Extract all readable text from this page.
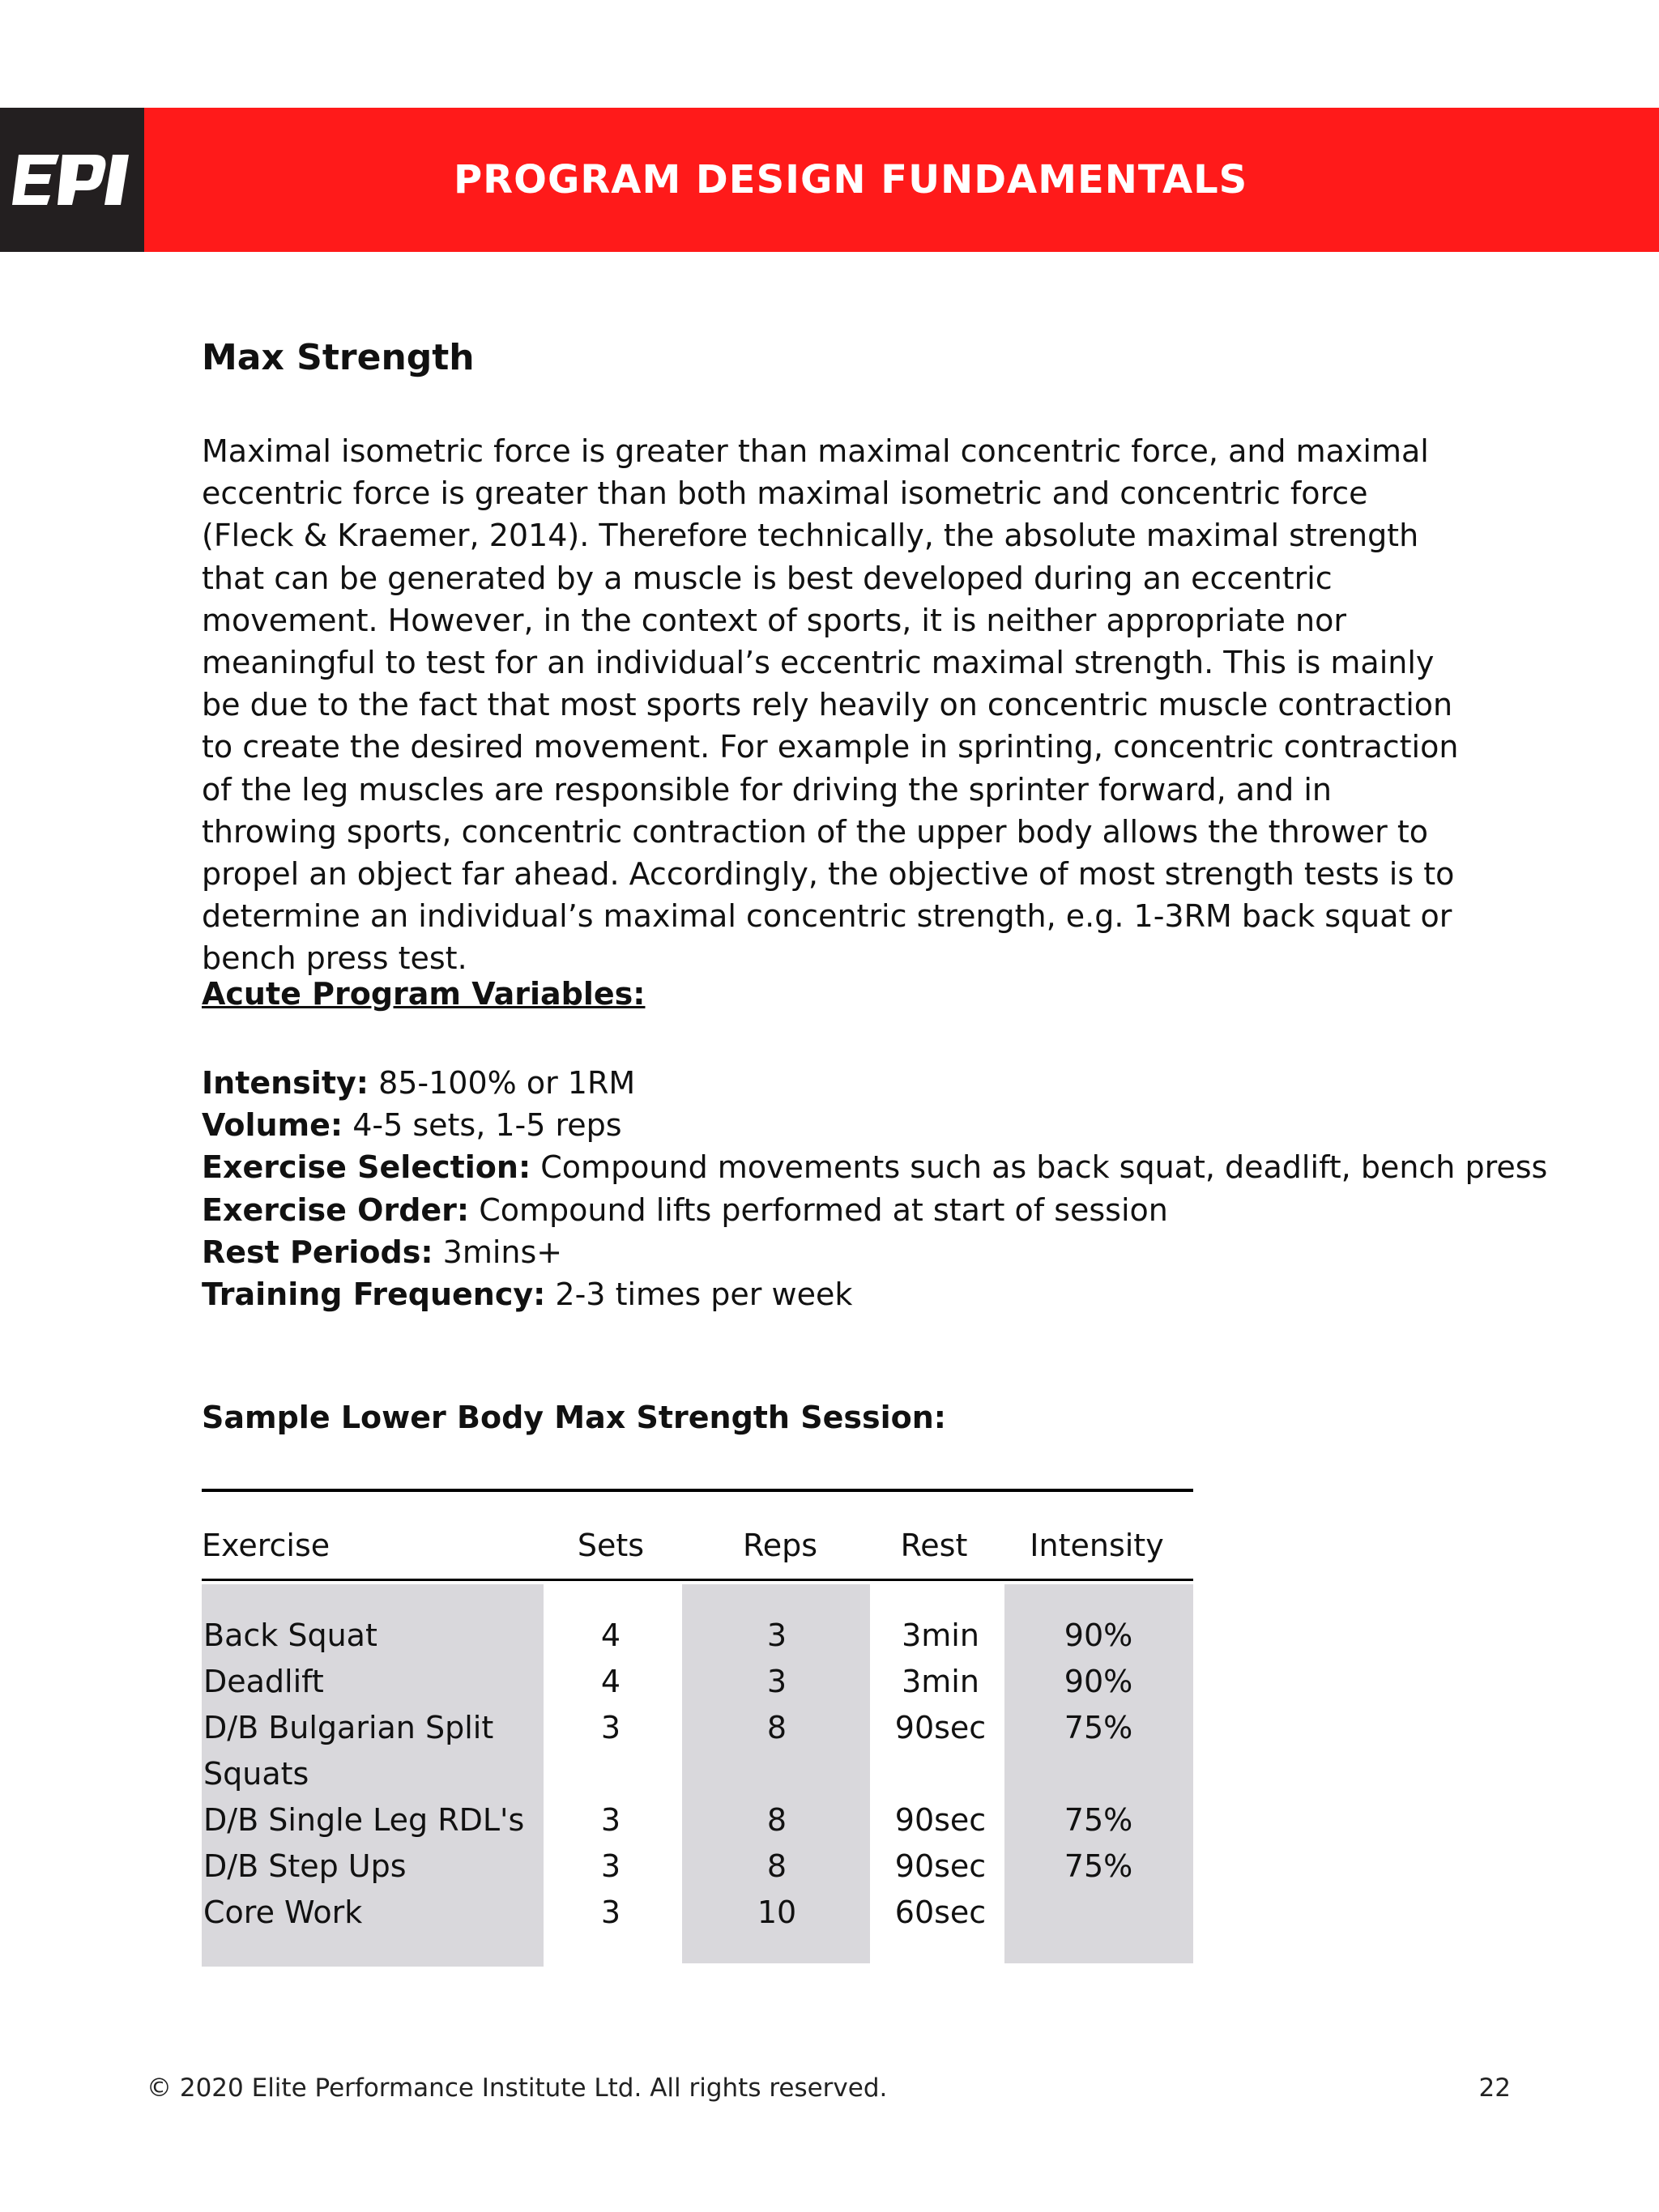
PROGRAM DESIGN FUNDAMENTALS
Max Strength

Maximal isometric force is greater than maximal concentric force, and maximal eccentric force is greater than both maximal isometric and concentric force (Fleck & Kraemer, 2014). Therefore technically, the absolute maximal strength that can be generated by a muscle is best developed during an eccentric movement. However, in the context of sports, it is neither appropriate nor meaningful to test for an individual’s eccentric maximal strength. This is mainly be due to the fact that most sports rely heavily on concentric muscle contraction to create the desired movement. For example in sprinting, concentric contraction of the leg muscles are responsible for driving the sprinter forward, and in throwing sports, concentric contraction of the upper body allows the thrower to propel an object far ahead. Accordingly, the objective of most strength tests is to determine an individual’s maximal concentric strength, e.g. 1-3RM back squat or bench press test.

Acute Program Variables:

Intensity: 85-100% or 1RM
Volume: 4-5 sets, 1-5 reps
Exercise Selection: Compound movements such as back squat, deadlift, bench press
Exercise Order: Compound lifts performed at start of session
Rest Periods: 3mins+
Training Frequency: 2-3 times per week

Sample Lower Body Max Strength Session:

Exercise	Sets	Reps	Rest Intensity
Back Squat	4	3	3min	90%
Deadlift	4	3	3min	90%
D/B Bulgarian Split
Squats
3	8	90sec	75%
D/B Single Leg RDL's 3	8	90sec	75%
D/B Step Ups	3	8	90sec	75%
Core Work	3	10	60sec
© 2020 Elite Performance Institute Ltd. All rights reserved.	22
